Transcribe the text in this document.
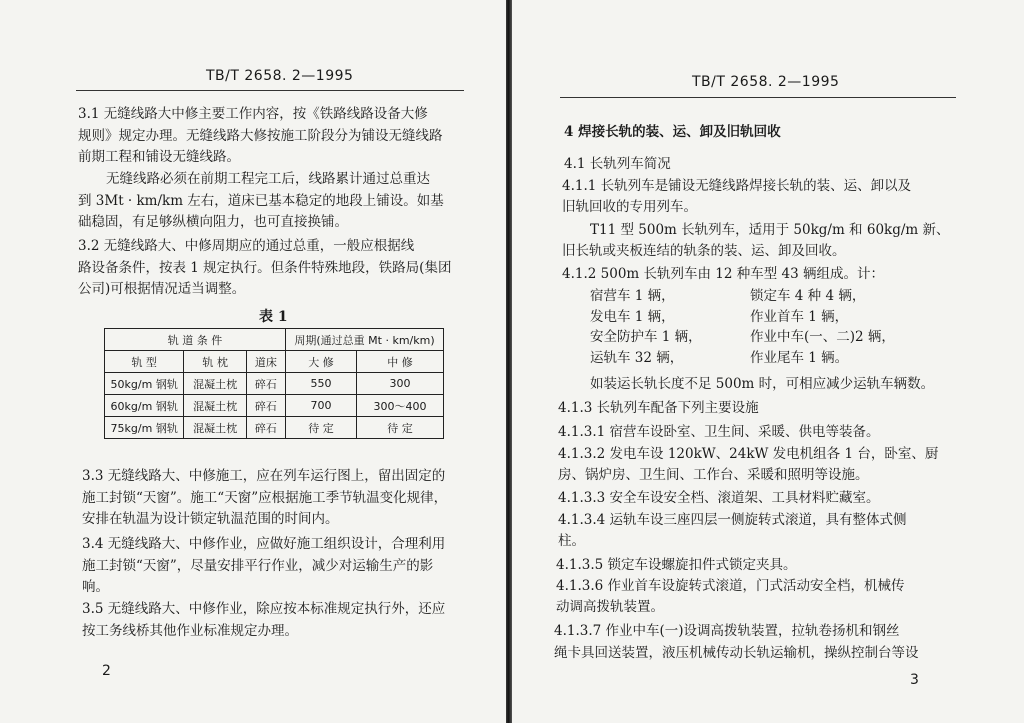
TB/T 2658. 2—1995
3.1 无缝线路大中修主要工作内容，按《铁路线路设备大修
规则》规定办理。无缝线路大修按施工阶段分为铺设无缝线路
前期工程和铺设无缝线路。
无缝线路必须在前期工程完工后，线路累计通过总重达
到 3Mt · km/km 左右，道床已基本稳定的地段上铺设。如基
础稳固，有足够纵横向阻力，也可直接换铺。
3.2 无缝线路大、中修周期应的通过总重，一般应根据线
路设备条件，按表 1 规定执行。但条件特殊地段，铁路局(集团
公司)可根据情况适当调整。
表 1
轨 道 条 件			周期(通过总重 Mt · km/km)	
轨 型	轨 枕	道床	大 修	中 修
50kg/m 钢轨	混凝土枕	碎石	550	300
60kg/m 钢轨	混凝土枕	碎石	700	300～400
75kg/m 钢轨	混凝土枕	碎石	待 定	待 定
3.3 无缝线路大、中修施工，应在列车运行图上，留出固定的
施工封锁“天窗”。施工“天窗”应根据施工季节轨温变化规律，
安排在轨温为设计锁定轨温范围的时间内。
3.4 无缝线路大、中修作业，应做好施工组织设计，合理利用
施工封锁“天窗”，尽量安排平行作业，减少对运输生产的影
响。
3.5 无缝线路大、中修作业，除应按本标准规定执行外，还应
按工务线桥其他作业标准规定办理。
2
TB/T 2658. 2—1995
4 焊接长轨的装、运、卸及旧轨回收
4.1 长轨列车简况
4.1.1 长轨列车是铺设无缝线路焊接长轨的装、运、卸以及
旧轨回收的专用列车。
T11 型 500m 长轨列车，适用于 50kg/m 和 60kg/m 新、
旧长轨或夹板连结的轨条的装、运、卸及回收。
4.1.2 500m 长轨列车由 12 种车型 43 辆组成。计：
宿营车 1 辆，	锁定车 4 种 4 辆，
发电车 1 辆，	作业首车 1 辆，
安全防护车 1 辆，	作业中车(一、二)2 辆，
运轨车 32 辆，	作业尾车 1 辆。
如装运长轨长度不足 500m 时，可相应减少运轨车辆数。
4.1.3 长轨列车配备下列主要设施
4.1.3.1 宿营车设卧室、卫生间、采暖、供电等装备。
4.1.3.2 发电车设 120kW、24kW 发电机组各 1 台，卧室、厨
房、锅炉房、卫生间、工作台、采暖和照明等设施。
4.1.3.3 安全车设安全档、滚道架、工具材料贮藏室。
4.1.3.4 运轨车设三座四层一侧旋转式滚道，具有整体式侧
柱。
4.1.3.5 锁定车设螺旋扣件式锁定夹具。
4.1.3.6 作业首车设旋转式滚道，门式活动安全档，机械传
动调高拨轨装置。
4.1.3.7 作业中车(一)设调高拨轨装置，拉轨卷扬机和钢丝
绳卡具回送装置，液压机械传动长轨运输机，操纵控制台等设
3
